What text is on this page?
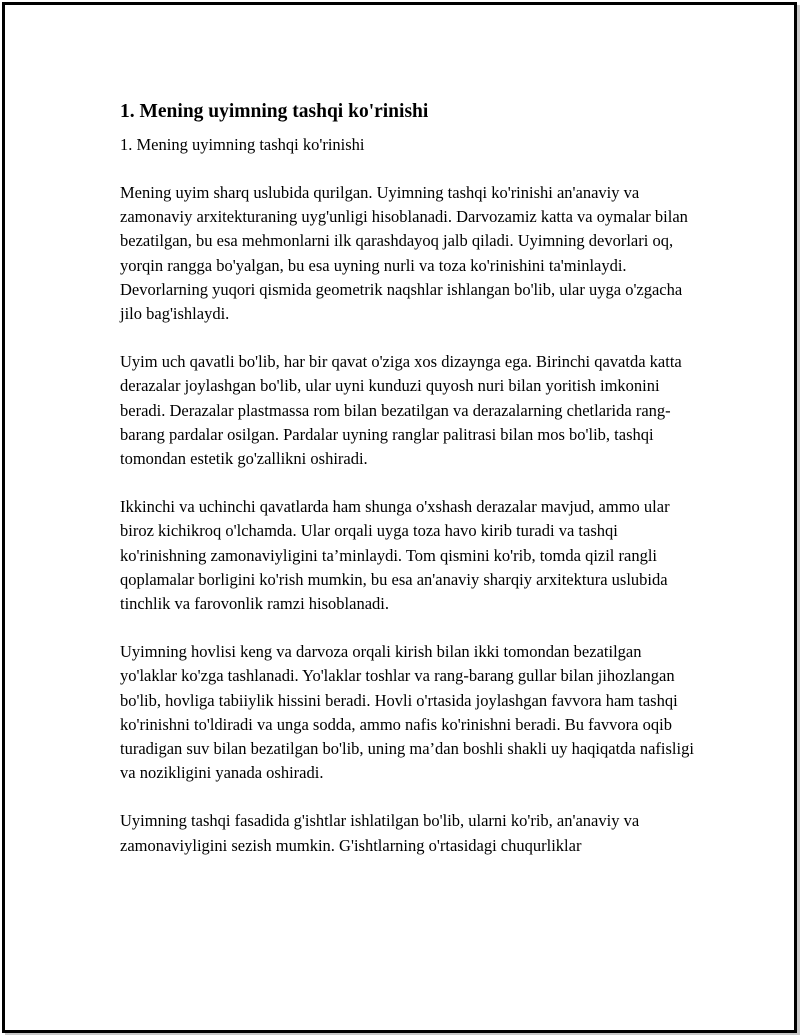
1. Mening uyimning tashqi ko'rinishi
1. Mening uyimning tashqi ko'rinishi

Mening uyim sharq uslubida qurilgan. Uyimning tashqi ko'rinishi an'anaviy va zamonaviy arxitekturaning uyg'unligi hisoblanadi. Darvozamiz katta va oymalar bilan bezatilgan, bu esa mehmonlarni ilk qarashdayoq jalb qiladi. Uyimning devorlari oq, yorqin rangga bo'yalgan, bu esa uyning nurli va toza ko'rinishini ta'minlaydi. Devorlarning yuqori qismida geometrik naqshlar ishlangan bo'lib, ular uyga o'zgacha jilo bag'ishlaydi.

Uyim uch qavatli bo'lib, har bir qavat o'ziga xos dizaynga ega. Birinchi qavatda katta derazalar joylashgan bo'lib, ular uyni kunduzi quyosh nuri bilan yoritish imkonini beradi. Derazalar plastmassa rom bilan bezatilgan va derazalarning chetlarida rang-barang pardalar osilgan. Pardalar uyning ranglar palitrasi bilan mos bo'lib, tashqi tomondan estetik go'zallikni oshiradi.

Ikkinchi va uchinchi qavatlarda ham shunga o'xshash derazalar mavjud, ammo ular biroz kichikroq o'lchamda. Ular orqali uyga toza havo kirib turadi va tashqi ko'rinishning zamonaviyligini ta’minlaydi. Tom qismini ko'rib, tomda qizil rangli qoplamalar borligini ko'rish mumkin, bu esa an'anaviy sharqiy arxitektura uslubida tinchlik va farovonlik ramzi hisoblanadi.

Uyimning hovlisi keng va darvoza orqali kirish bilan ikki tomondan bezatilgan yo'laklar ko'zga tashlanadi. Yo'laklar toshlar va rang-barang gullar bilan jihozlangan bo'lib, hovliga tabiiylik hissini beradi. Hovli o'rtasida joylashgan favvora ham tashqi ko'rinishni to'ldiradi va unga sodda, ammo nafis ko'rinishni beradi. Bu favvora oqib turadigan suv bilan bezatilgan bo'lib, uning ma’dan boshli shakli uy haqiqatda nafisligi va nozikligini yanada oshiradi.

Uyimning tashqi fasadida g'ishtlar ishlatilgan bo'lib, ularni ko'rib, an'anaviy va zamonaviyligini sezish mumkin. G'ishtlarning o'rtasidagi chuqurliklar
